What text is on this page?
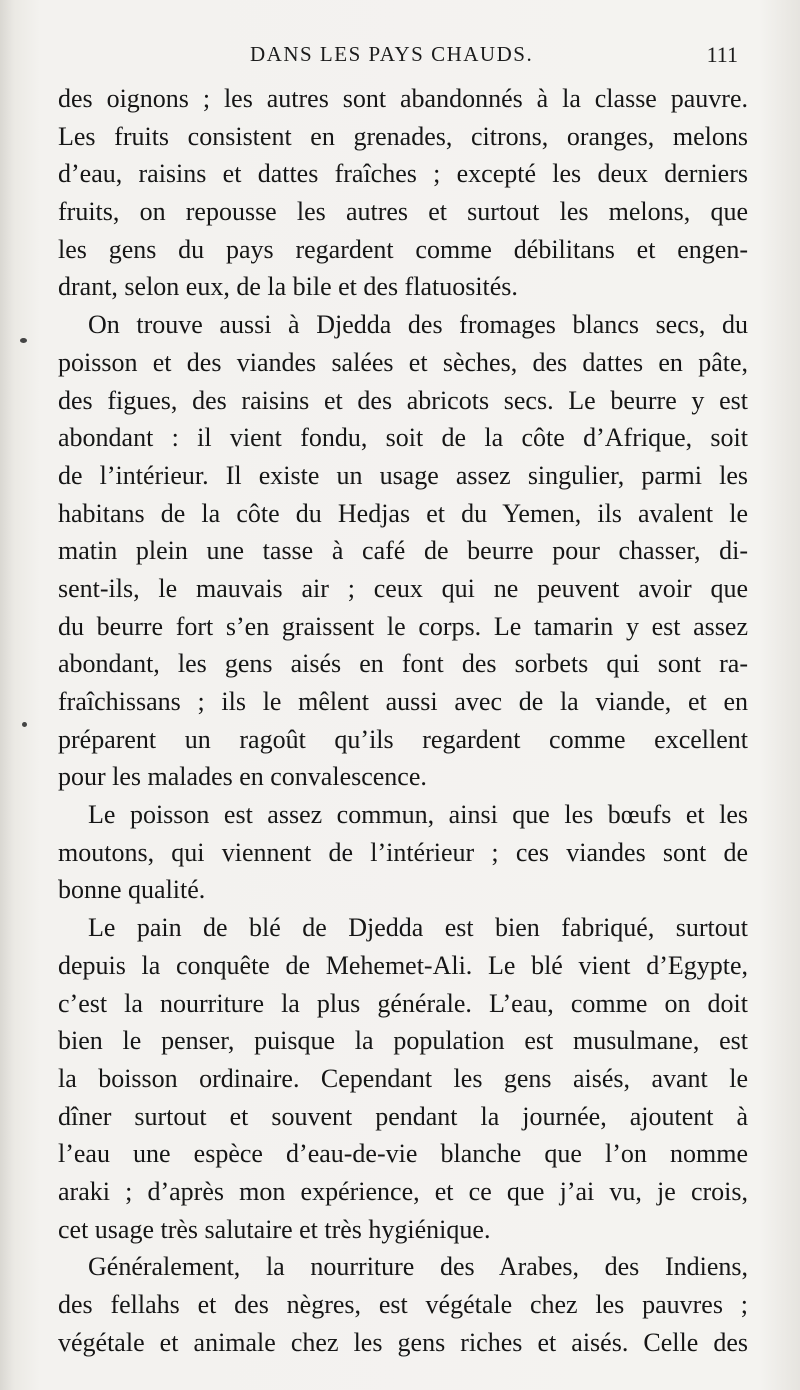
DANS LES PAYS CHAUDS.	111
des oignons ; les autres sont abandonnés à la classe pauvre.
Les fruits consistent en grenades, citrons, oranges, melons
d’eau, raisins et dattes fraîches ; excepté les deux derniers
fruits, on repousse les autres et surtout les melons, que
les gens du pays regardent comme débilitans et engen-
drant, selon eux, de la bile et des flatuosités.
On trouve aussi à Djedda des fromages blancs secs, du
poisson et des viandes salées et sèches, des dattes en pâte,
des figues, des raisins et des abricots secs. Le beurre y est
abondant : il vient fondu, soit de la côte d’Afrique, soit
de l’intérieur. Il existe un usage assez singulier, parmi les
habitans de la côte du Hedjas et du Yemen, ils avalent le
matin plein une tasse à café de beurre pour chasser, di-
sent-ils, le mauvais air ; ceux qui ne peuvent avoir que
du beurre fort s’en graissent le corps. Le tamarin y est assez
abondant, les gens aisés en font des sorbets qui sont ra-
fraîchissans ; ils le mêlent aussi avec de la viande, et en
préparent un ragoût qu’ils regardent comme excellent
pour les malades en convalescence.
Le poisson est assez commun, ainsi que les bœufs et les
moutons, qui viennent de l’intérieur ; ces viandes sont de
bonne qualité.
Le pain de blé de Djedda est bien fabriqué, surtout
depuis la conquête de Mehemet-Ali. Le blé vient d’Egypte,
c’est la nourriture la plus générale. L’eau, comme on doit
bien le penser, puisque la population est musulmane, est
la boisson ordinaire. Cependant les gens aisés, avant le
dîner surtout et souvent pendant la journée, ajoutent à
l’eau une espèce d’eau-de-vie blanche que l’on nomme
araki ; d’après mon expérience, et ce que j’ai vu, je crois,
cet usage très salutaire et très hygiénique.
Généralement, la nourriture des Arabes, des Indiens,
des fellahs et des nègres, est végétale chez les pauvres ;
végétale et animale chez les gens riches et aisés. Celle des
